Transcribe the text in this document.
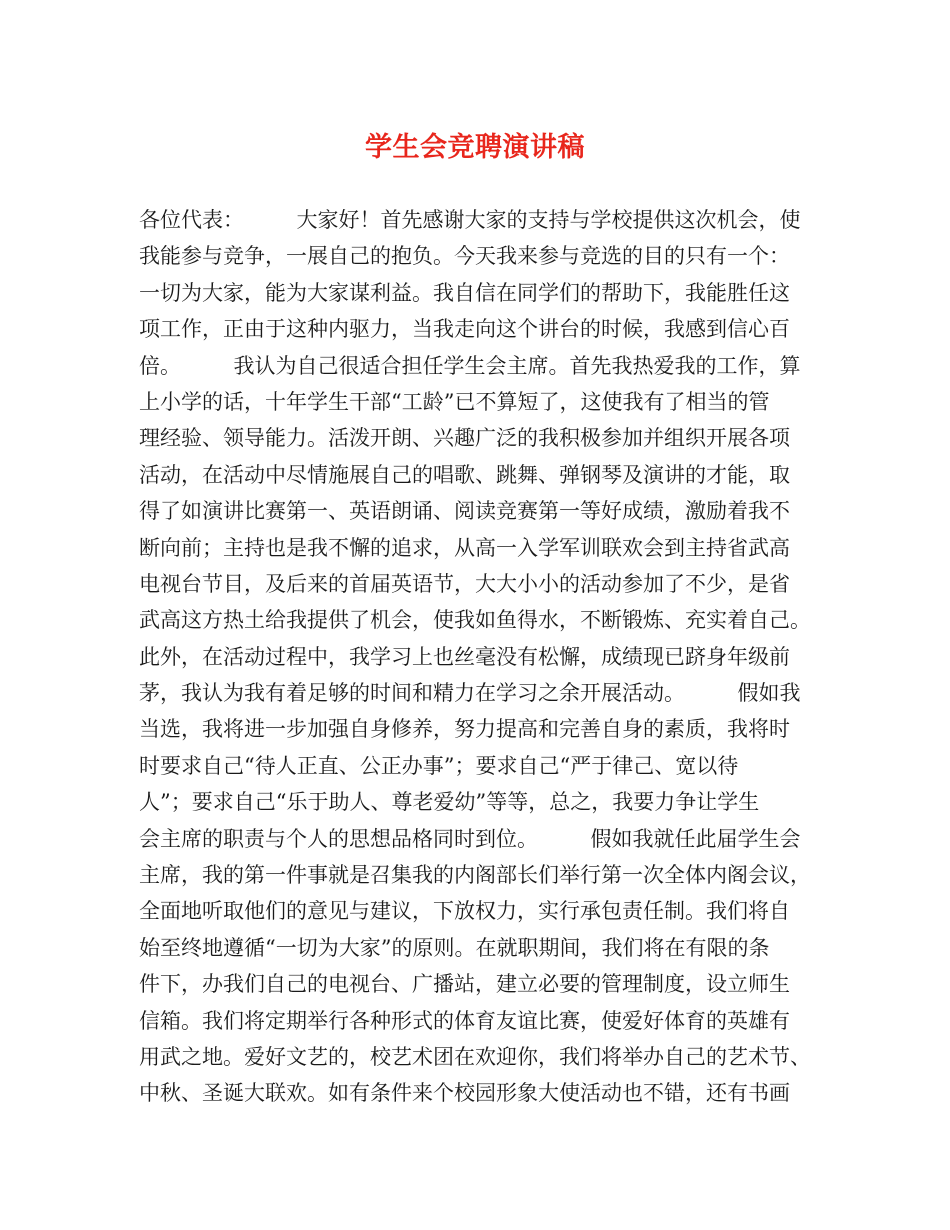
学生会竞聘演讲稿
各位代表：　　　大家好！首先感谢大家的支持与学校提供这次机会，使
我能参与竞争，一展自己的抱负。今天我来参与竞选的目的只有一个：
一切为大家，能为大家谋利益。我自信在同学们的帮助下，我能胜任这
项工作，正由于这种内驱力，当我走向这个讲台的时候，我感到信心百
倍。　　　我认为自己很适合担任学生会主席。首先我热爱我的工作，算
上小学的话，十年学生干部“工龄”已不算短了，这使我有了相当的管
理经验、领导能力。活泼开朗、兴趣广泛的我积极参加并组织开展各项
活动，在活动中尽情施展自己的唱歌、跳舞、弹钢琴及演讲的才能，取
得了如演讲比赛第一、英语朗诵、阅读竞赛第一等好成绩，激励着我不
断向前；主持也是我不懈的追求，从高一入学军训联欢会到主持省武高
电视台节目，及后来的首届英语节，大大小小的活动参加了不少，是省
武高这方热土给我提供了机会，使我如鱼得水，不断锻炼、充实着自己。
此外，在活动过程中，我学习上也丝毫没有松懈，成绩现已跻身年级前
茅，我认为我有着足够的时间和精力在学习之余开展活动。　　　假如我
当选，我将进一步加强自身修养，努力提高和完善自身的素质，我将时
时要求自己“待人正直、公正办事”；要求自己“严于律己、宽以待
人”；要求自己“乐于助人、尊老爱幼”等等，总之，我要力争让学生
会主席的职责与个人的思想品格同时到位。　　　假如我就任此届学生会
主席，我的第一件事就是召集我的内阁部长们举行第一次全体内阁会议，
全面地听取他们的意见与建议，下放权力，实行承包责任制。我们将自
始至终地遵循“一切为大家”的原则。在就职期间，我们将在有限的条
件下，办我们自己的电视台、广播站，建立必要的管理制度，设立师生
信箱。我们将定期举行各种形式的体育友谊比赛，使爱好体育的英雄有
用武之地。爱好文艺的，校艺术团在欢迎你，我们将举办自己的艺术节、
中秋、圣诞大联欢。如有条件来个校园形象大使活动也不错，还有书画
